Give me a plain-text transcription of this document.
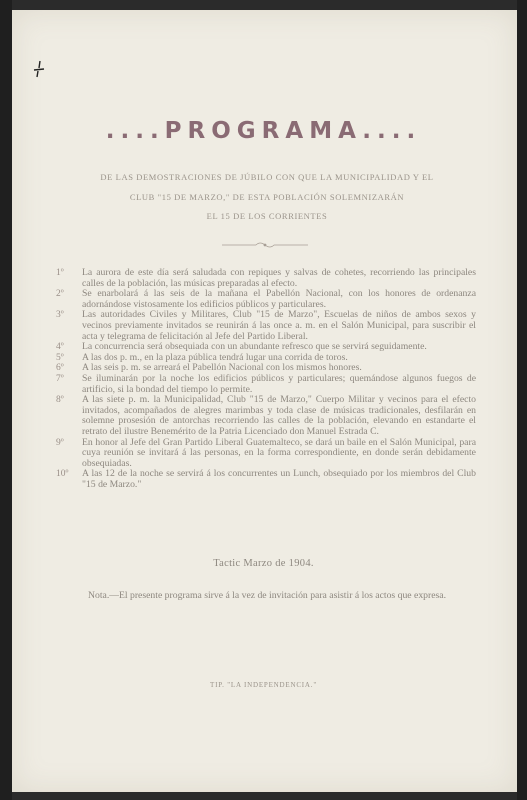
....PROGRAMA....
DE LAS DEMOSTRACIONES DE JÚBILO CON QUE LA MUNICIPALIDAD Y EL
CLUB "15 DE MARZO," DE ESTA POBLACIÓN SOLEMNIZARÁN
EL 15 DE LOS CORRIENTES
1º	La aurora de este día será saludada con repiques y salvas de cohetes, recorriendo las principales calles de la población, las músicas preparadas al efecto.
2º	Se enarbolará á las seis de la mañana el Pabellón Nacional, con los honores de ordenanza adornándose vistosamente los edificios públicos y particulares.
3º	Las autoridades Civiles y Militares, Club "15 de Marzo", Escuelas de niños de ambos sexos y vecinos previamente invitados se reunirán á las once a. m. en el Salón Municipal, para suscribir el acta y telegrama de felicitación al Jefe del Partido Liberal.
4º	La concurrencia será obsequiada con un abundante refresco que se servirá seguidamente.
5º	A las dos p. m., en la plaza pública tendrá lugar una corrida de toros.
6º	A las seis p. m. se arreará el Pabellón Nacional con los mismos honores.
7º	Se iluminarán por la noche los edificios públicos y particulares; quemándose algunos fuegos de artificio, si la bondad del tiempo lo permite.
8º	A las siete p. m. la Municipalidad, Club "15 de Marzo," Cuerpo Militar y vecinos para el efecto invitados, acompañados de alegres marimbas y toda clase de músicas tradicionales, desfilarán en solemne prosesión de antorchas recorriendo las calles de la población, elevando en estandarte el retrato del ilustre Benemérito de la Patria Licenciado don Manuel Estrada C.
9º	En honor al Jefe del Gran Partido Liberal Guatemalteco, se dará un baile en el Salón Municipal, para cuya reunión se invitará á las personas, en la forma correspondiente, en donde serán debidamente obsequiadas.
10º	A las 12 de la noche se servirá á los concurrentes un Lunch, obsequiado por los miembros del Club "15 de Marzo."
Tactic Marzo de 1904.
Nota.—El presente programa sirve á la vez de invitación para asistir á los actos que expresa.
TIP. "LA INDEPENDENCIA."
